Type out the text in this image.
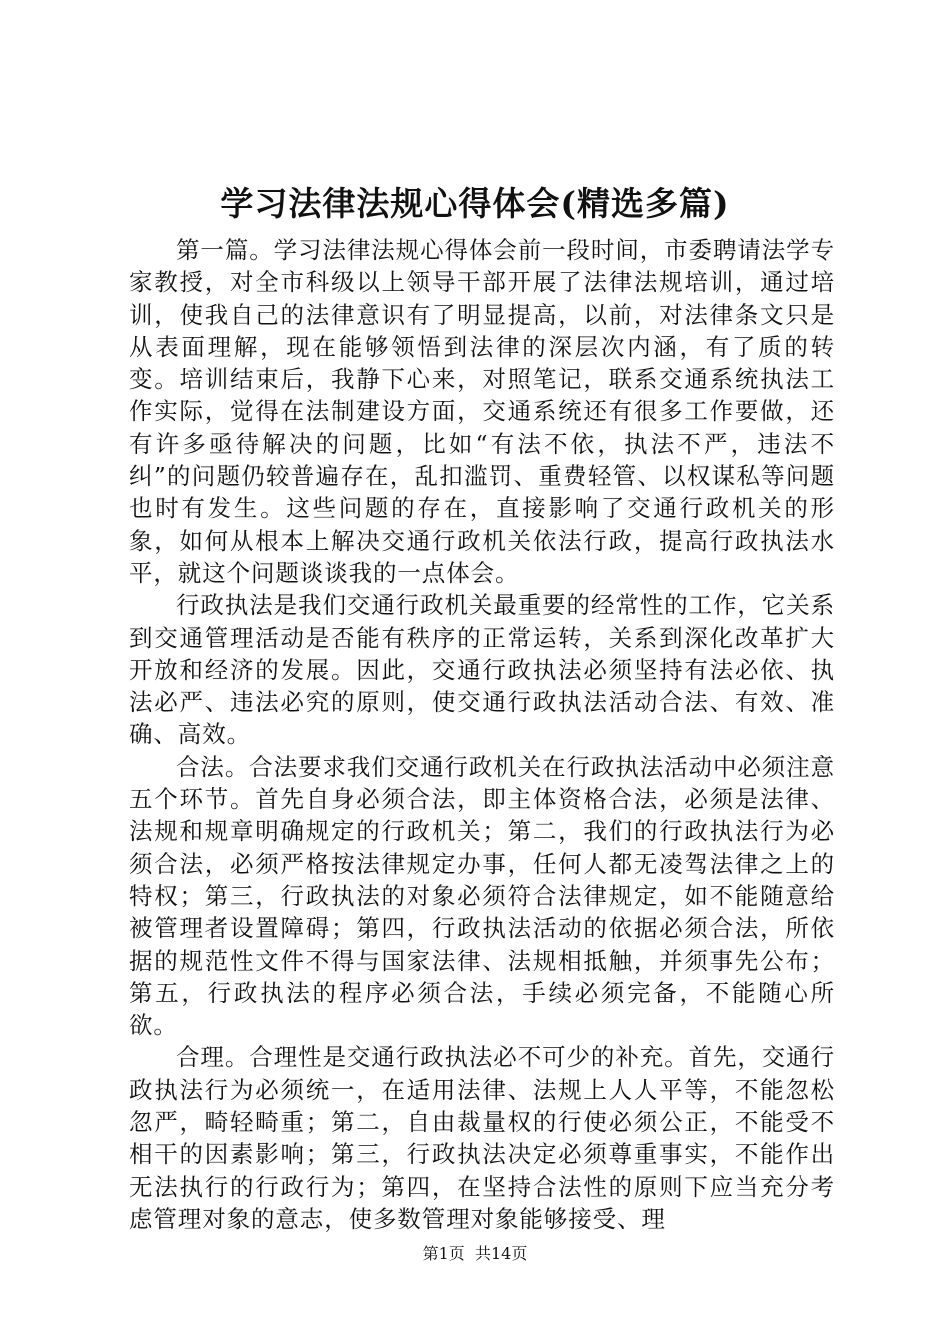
学习法律法规心得体会(精选多篇)

第一篇。学习法律法规心得体会前一段时间，市委聘请法学专家教授，对全市科级以上领导干部开展了法律法规培训，通过培训，使我自己的法律意识有了明显提高，以前，对法律条文只是从表面理解，现在能够领悟到法律的深层次内涵，有了质的转变。培训结束后，我静下心来，对照笔记，联系交通系统执法工作实际，觉得在法制建设方面，交通系统还有很多工作要做，还有许多亟待解决的问题，比如“有法不依，执法不严，违法不纠”的问题仍较普遍存在，乱扣滥罚、重费轻管、以权谋私等问题也时有发生。这些问题的存在，直接影响了交通行政机关的形象，如何从根本上解决交通行政机关依法行政，提高行政执法水平，就这个问题谈谈我的一点体会。

行政执法是我们交通行政机关最重要的经常性的工作，它关系到交通管理活动是否能有秩序的正常运转，关系到深化改革扩大开放和经济的发展。因此，交通行政执法必须坚持有法必依、执法必严、违法必究的原则，使交通行政执法活动合法、有效、准确、高效。

合法。合法要求我们交通行政机关在行政执法活动中必须注意五个环节。首先自身必须合法，即主体资格合法，必须是法律、法规和规章明确规定的行政机关；第二，我们的行政执法行为必须合法，必须严格按法律规定办事，任何人都无凌驾法律之上的特权；第三，行政执法的对象必须符合法律规定，如不能随意给被管理者设置障碍；第四，行政执法活动的依据必须合法，所依据的规范性文件不得与国家法律、法规相抵触，并须事先公布；第五，行政执法的程序必须合法，手续必须完备，不能随心所欲。

合理。合理性是交通行政执法必不可少的补充。首先，交通行政执法行为必须统一，在适用法律、法规上人人平等，不能忽松忽严，畸轻畸重；第二，自由裁量权的行使必须公正，不能受不相干的因素影响；第三，行政执法决定必须尊重事实，不能作出无法执行的行政行为；第四，在坚持合法性的原则下应当充分考虑管理对象的意志，使多数管理对象能够接受、理

第1页 共14页
